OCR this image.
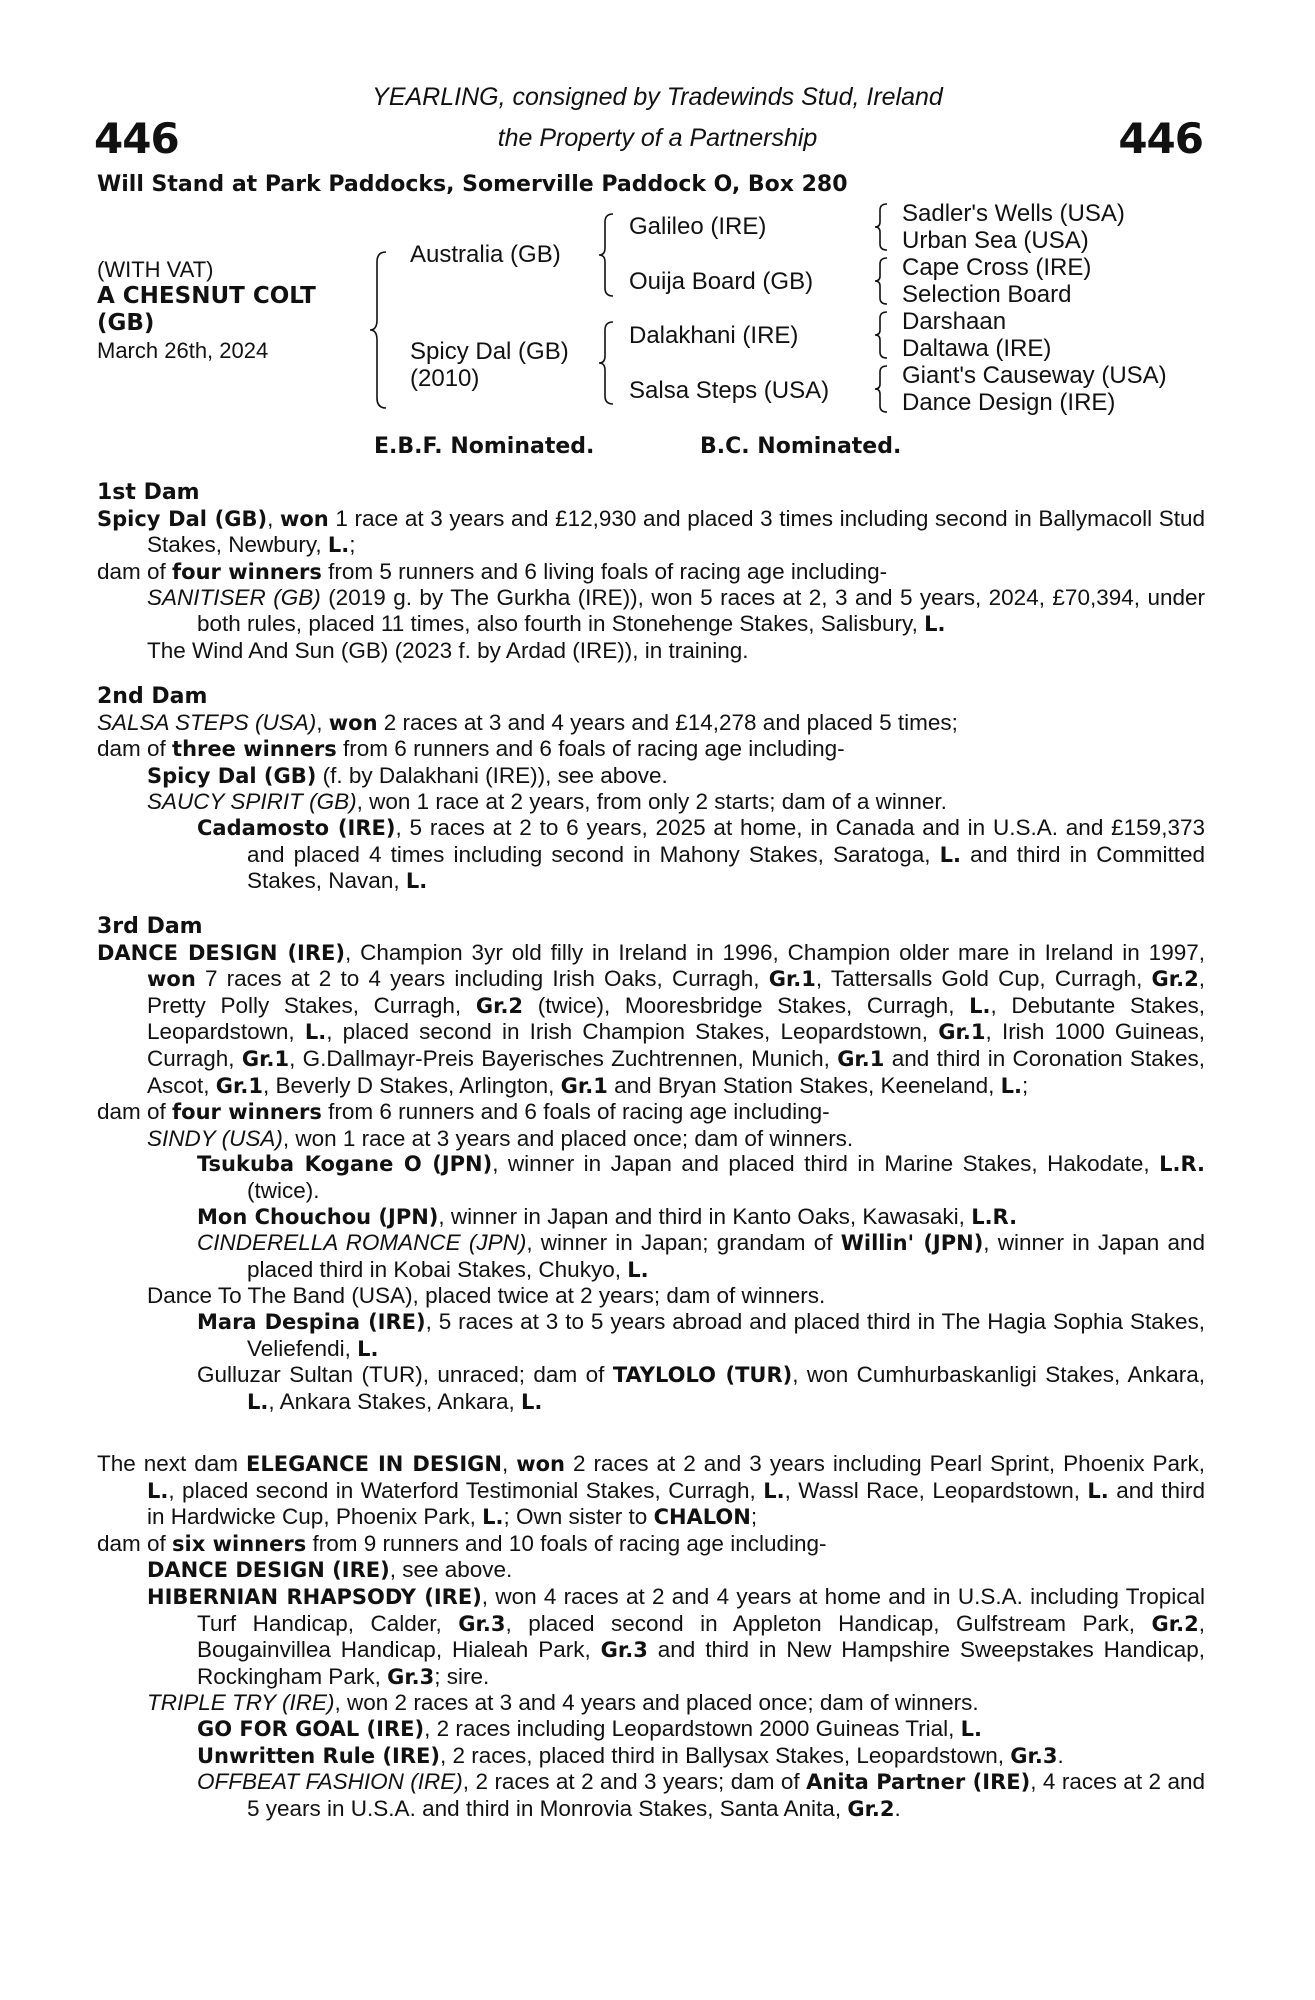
446	446
YEARLING, consigned by Tradewinds Stud, Ireland
the Property of a Partnership
Will Stand at Park Paddocks, Somerville Paddock O, Box 280
(WITH VAT)
A CHESNUT COLT
(GB)
March 26th, 2024
Australia (GB)
Spicy Dal (GB)
(2010)
Galileo (IRE)
Ouija Board (GB)
Dalakhani (IRE)
Salsa Steps (USA)
Sadler's Wells (USA)
Urban Sea (USA)
Cape Cross (IRE)
Selection Board
Darshaan
Daltawa (IRE)
Giant's Causeway (USA)
Dance Design (IRE)
E.B.F. Nominated.	B.C. Nominated.
1st Dam

Spicy Dal (GB), won 1 race at 3 years and £12,930 and placed 3 times including second in Ballymacoll Stud Stakes, Newbury, L.;

dam of four winners from 5 runners and 6 living foals of racing age including-

SANITISER (GB) (2019 g. by The Gurkha (IRE)), won 5 races at 2, 3 and 5 years, 2024, £70,394, under both rules, placed 11 times, also fourth in Stonehenge Stakes, Salisbury, L.

The Wind And Sun (GB) (2023 f. by Ardad (IRE)), in training.

2nd Dam

SALSA STEPS (USA), won 2 races at 3 and 4 years and £14,278 and placed 5 times;

dam of three winners from 6 runners and 6 foals of racing age including-

Spicy Dal (GB) (f. by Dalakhani (IRE)), see above.

SAUCY SPIRIT (GB), won 1 race at 2 years, from only 2 starts; dam of a winner.

Cadamosto (IRE), 5 races at 2 to 6 years, 2025 at home, in Canada and in U.S.A. and £159,373 and placed 4 times including second in Mahony Stakes, Saratoga, L. and third in Committed Stakes, Navan, L.

3rd Dam

DANCE DESIGN (IRE), Champion 3yr old filly in Ireland in 1996, Champion older mare in Ireland in 1997, won 7 races at 2 to 4 years including Irish Oaks, Curragh, Gr.1, Tattersalls Gold Cup, Curragh, Gr.2, Pretty Polly Stakes, Curragh, Gr.2 (twice), Mooresbridge Stakes, Curragh, L., Debutante Stakes, Leopardstown, L., placed second in Irish Champion Stakes, Leopardstown, Gr.1, Irish 1000 Guineas, Curragh, Gr.1, G.Dallmayr-Preis Bayerisches Zuchtrennen, Munich, Gr.1 and third in Coronation Stakes, Ascot, Gr.1, Beverly D Stakes, Arlington, Gr.1 and Bryan Station Stakes, Keeneland, L.;

dam of four winners from 6 runners and 6 foals of racing age including-

SINDY (USA), won 1 race at 3 years and placed once; dam of winners.

Tsukuba Kogane O (JPN), winner in Japan and placed third in Marine Stakes, Hakodate, L.R. (twice).

Mon Chouchou (JPN), winner in Japan and third in Kanto Oaks, Kawasaki, L.R.

CINDERELLA ROMANCE (JPN), winner in Japan; grandam of Willin' (JPN), winner in Japan and placed third in Kobai Stakes, Chukyo, L.

Dance To The Band (USA), placed twice at 2 years; dam of winners.

Mara Despina (IRE), 5 races at 3 to 5 years abroad and placed third in The Hagia Sophia Stakes, Veliefendi, L.

Gulluzar Sultan (TUR), unraced; dam of TAYLOLO (TUR), won Cumhurbaskanligi Stakes, Ankara, L., Ankara Stakes, Ankara, L.

The next dam ELEGANCE IN DESIGN, won 2 races at 2 and 3 years including Pearl Sprint, Phoenix Park, L., placed second in Waterford Testimonial Stakes, Curragh, L., Wassl Race, Leopardstown, L. and third in Hardwicke Cup, Phoenix Park, L.; Own sister to CHALON;

dam of six winners from 9 runners and 10 foals of racing age including-

DANCE DESIGN (IRE), see above.

HIBERNIAN RHAPSODY (IRE), won 4 races at 2 and 4 years at home and in U.S.A. including Tropical Turf Handicap, Calder, Gr.3, placed second in Appleton Handicap, Gulfstream Park, Gr.2, Bougainvillea Handicap, Hialeah Park, Gr.3 and third in New Hampshire Sweepstakes Handicap, Rockingham Park, Gr.3; sire.

TRIPLE TRY (IRE), won 2 races at 3 and 4 years and placed once; dam of winners.

GO FOR GOAL (IRE), 2 races including Leopardstown 2000 Guineas Trial, L.

Unwritten Rule (IRE), 2 races, placed third in Ballysax Stakes, Leopardstown, Gr.3.

OFFBEAT FASHION (IRE), 2 races at 2 and 3 years; dam of Anita Partner (IRE), 4 races at 2 and 5 years in U.S.A. and third in Monrovia Stakes, Santa Anita, Gr.2.
